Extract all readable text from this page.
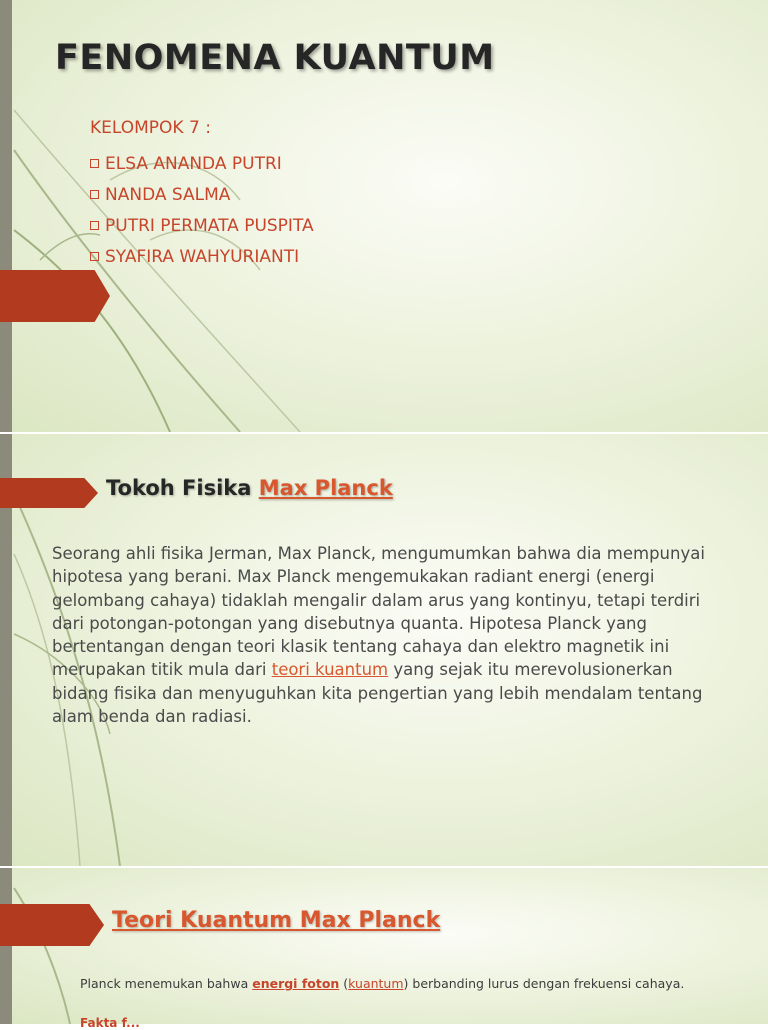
FENOMENA KUANTUM
KELOMPOK 7 :
ELSA ANANDA PUTRI
NANDA SALMA
PUTRI PERMATA PUSPITA
SYAFIRA WAHYURIANTI
Tokoh Fisika Max Planck

Seorang ahli fisika Jerman, Max Planck, mengumumkan bahwa dia mempunyai hipotesa yang berani. Max Planck mengemukakan radiant energi (energi gelombang cahaya) tidaklah mengalir dalam arus yang kontinyu, tetapi terdiri dari potongan-potongan yang disebutnya quanta. Hipotesa Planck yang bertentangan dengan teori klasik tentang cahaya dan elektro magnetik ini merupakan titik mula dari teori kuantum yang sejak itu merevolusionerkan bidang fisika dan menyuguhkan kita pengertian yang lebih mendalam tentang alam benda dan radiasi.

Teori Kuantum Max Planck

Planck menemukan bahwa energi foton (kuantum) berbanding lurus dengan frekuensi cahaya.

Fakta f...
